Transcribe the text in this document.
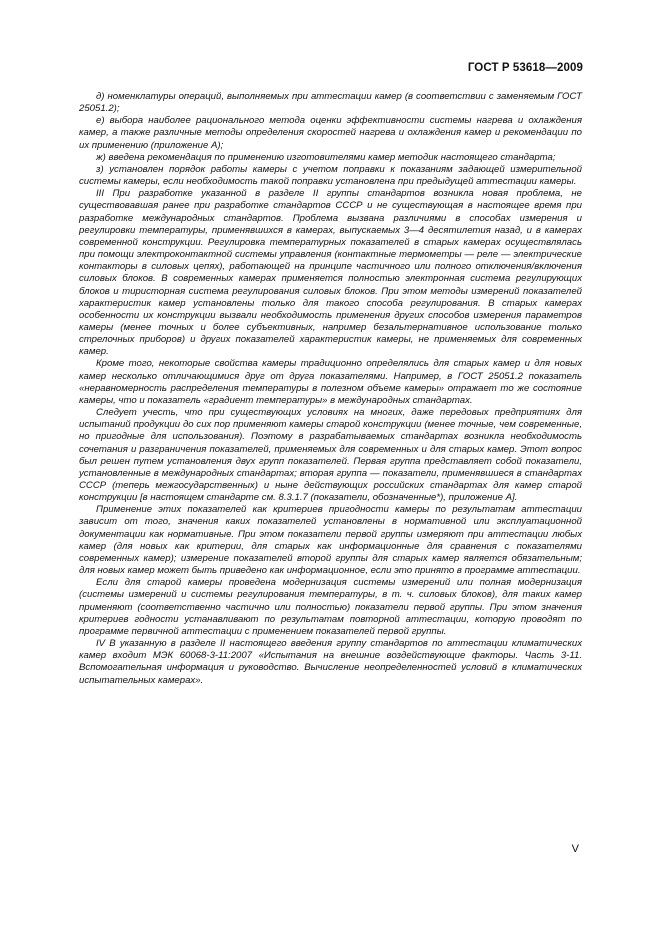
ГОСТ Р 53618—2009

д) номенклатуры операций, выполняемых при аттестации камер (в соответствии с заменяемым ГОСТ 25051.2);

е) выбора наиболее рационального метода оценки эффективности системы нагрева и охлаждения камер, а также различные методы определения скоростей нагрева и охлаждения камер и рекомендации по их применению (приложение А);

ж) введена рекомендация по применению изготовителями камер методик настоящего стандарта;

з) установлен порядок работы камеры с учетом поправки к показаниям задающей измерительной системы камеры, если необходимость такой поправки установлена при предыдущей аттестации камеры.

III При разработке указанной в разделе II группы стандартов возникла новая проблема, не существовавшая ранее при разработке стандартов СССР и не существующая в настоящее время при разработке международных стандартов. Проблема вызвана различиями в способах измерения и регулировки температуры, применявшихся в камерах, выпускаемых 3—4 десятилетия назад, и в камерах современной конструкции. Регулировка температурных показателей в старых камерах осуществлялась при помощи электроконтактной системы управления (контактные термометры — реле — электрические контакторы в силовых цепях), работающей на принципе частичного или полного отключения/включения силовых блоков. В современных камерах применяется полностью электронная система регулирующих блоков и тиристорная система регулирования силовых блоков. При этом методы измерений показателей характеристик камер установлены только для такого способа регулирования. В старых камерах особенности их конструкции вызвали необходимость применения других способов измерения параметров камеры (менее точных и более субъективных, например безальтернативное использование только стрелочных приборов) и других показателей характеристик камеры, не применяемых для современных камер.

Кроме того, некоторые свойства камеры традиционно определялись для старых камер и для новых камер несколько отличающимися друг от друга показателями. Например, в ГОСТ 25051.2 показатель «неравномерность распределения температуры в полезном объеме камеры» отражает то же состояние камеры, что и показатель «градиент температуры» в международных стандартах.

Следует учесть, что при существующих условиях на многих, даже передовых предприятиях для испытаний продукции до сих пор применяют камеры старой конструкции (менее точные, чем современные, но пригодные для использования). Поэтому в разрабатываемых стандартах возникла необходимость сочетания и разграничения показателей, применяемых для современных и для старых камер. Этот вопрос был решен путем установления двух групп показателей. Первая группа представляет собой показатели, установленные в международных стандартах; вторая группа — показатели, применявшиеся в стандартах СССР (теперь межгосударственных) и ныне действующих российских стандартах для камер старой конструкции [в настоящем стандарте см. 8.3.1.7 (показатели, обозначенные*), приложение А].

Применение этих показателей как критериев пригодности камеры по результатам аттестации зависит от того, значения каких показателей установлены в нормативной или эксплуатационной документации как нормативные. При этом показатели первой группы измеряют при аттестации любых камер (для новых как критерии, для старых как информационные для сравнения с показателями современных камер); измерение показателей второй группы для старых камер является обязательным; для новых камер может быть приведено как информационное, если это принято в программе аттестации.

Если для старой камеры проведена модернизация системы измерений или полная модернизация (системы измерений и системы регулирования температуры, в т. ч. силовых блоков), для таких камер применяют (соответственно частично или полностью) показатели первой группы. При этом значения критериев годности устанавливают по результатам повторной аттестации, которую проводят по программе первичной аттестации с применением показателей первой группы.

IV В указанную в разделе II настоящего введения группу стандартов по аттестации климатических камер входит МЭК 60068-3-11:2007 «Испытания на внешние воздействующие факторы. Часть 3-11. Вспомогательная информация и руководство. Вычисление неопределенностей условий в климатических испытательных камерах».

V
